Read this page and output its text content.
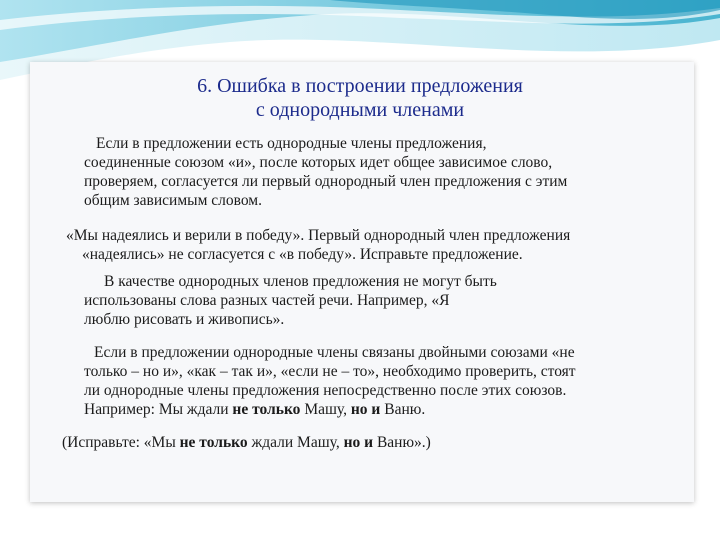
6. Ошибка в построении предложения
с однородными членами
Если в предложении есть однородные члены предложения,
соединенные союзом «и», после которых идет общее зависимое слово,
проверяем, согласуется ли первый однородный член предложения с этим
общим зависимым словом.
«Мы надеялись и верили в победу». Первый однородный член предложения
«надеялись» не согласуется с «в победу». Исправьте предложение.
В качестве однородных членов предложения не могут быть
использованы слова разных частей речи. Например, «Я
люблю рисовать и живопись».
Если в предложении однородные члены связаны двойными союзами «не
только – но и», «как – так и», «если не – то», необходимо проверить, стоят
ли однородные члены предложения непосредственно после этих союзов.
Например: Мы ждали не только Машу, но и Ваню.
(Исправьте: «Мы не только ждали Машу, но и Ваню».)
